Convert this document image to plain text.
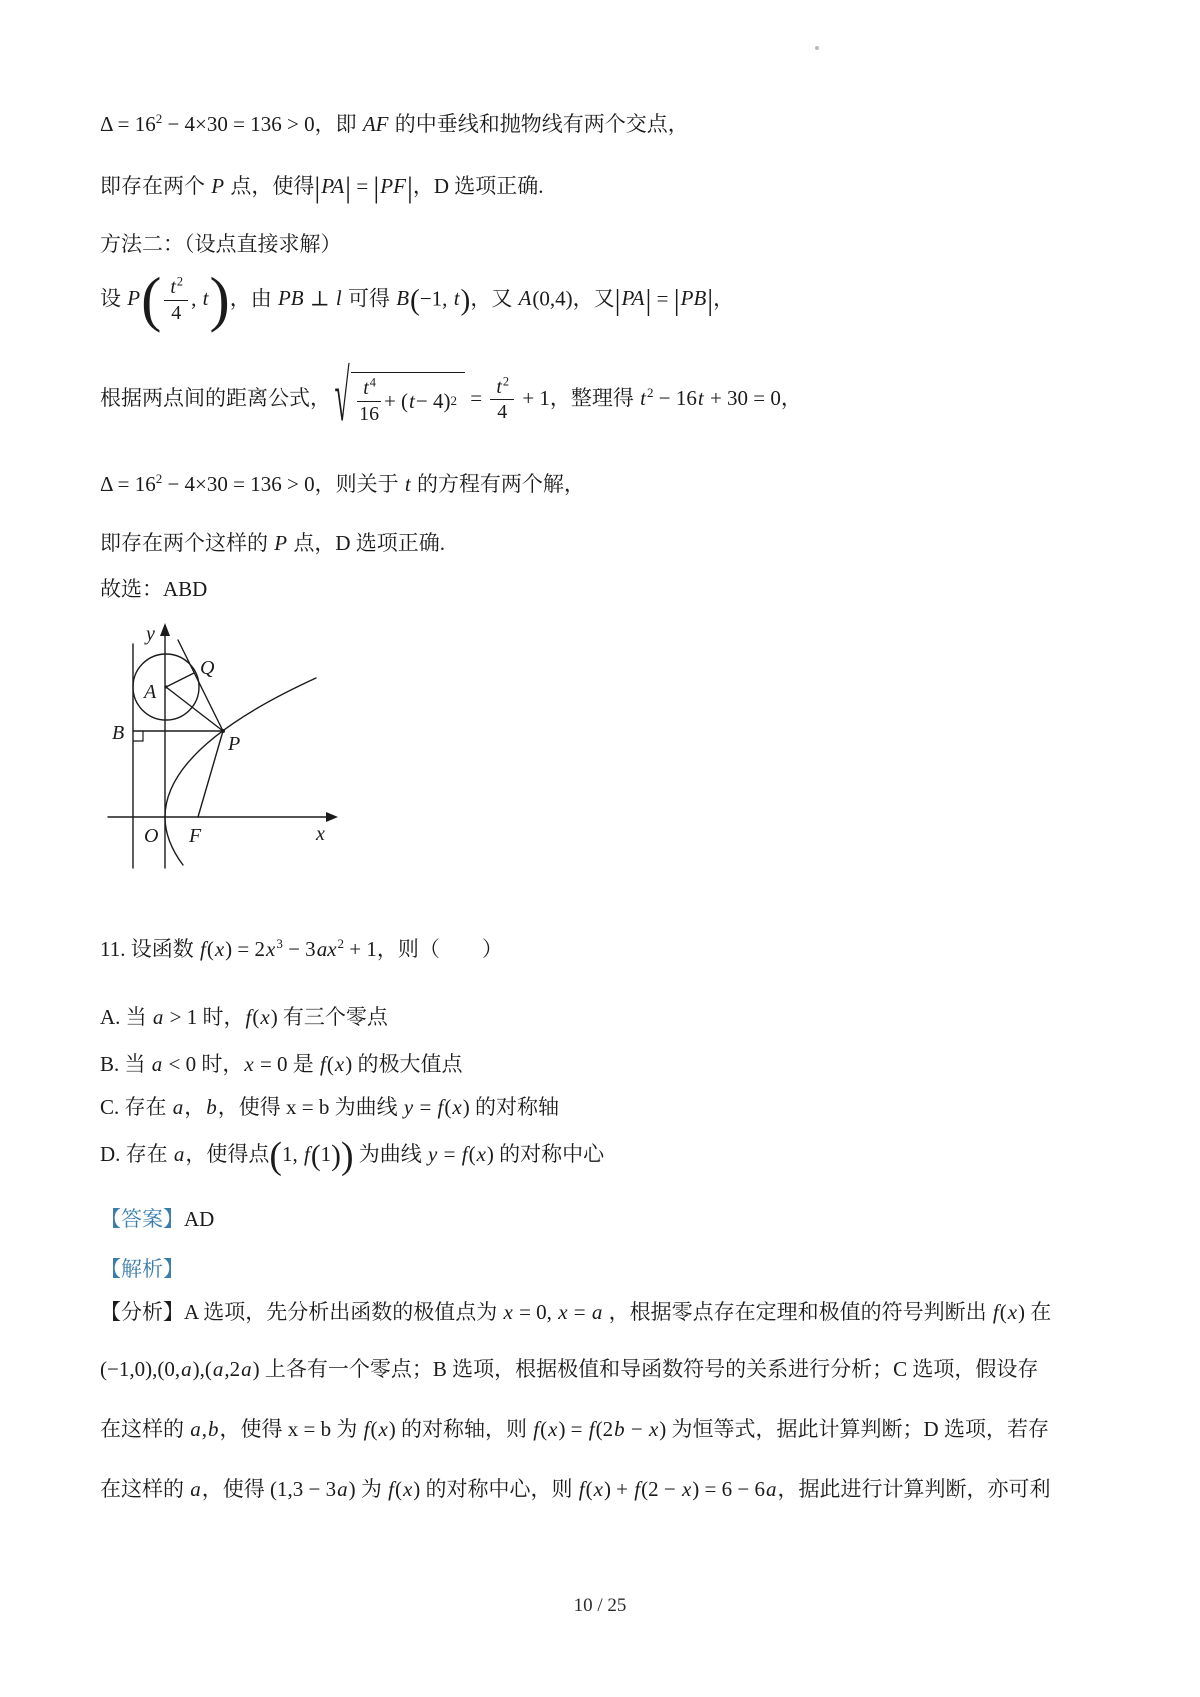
$\Delta = 16^2 - 4\times 30 = 136 > 0$，即 AF 的中垂线和抛物线有两个交点，
即存在两个 P 点，使得|PA| = |PF|，D 选项正确.
方法二：（设点直接求解）
设 $P( \frac{t^2}{4}$ , t)，由 PB ⊥ l 可得 B(−1, t)，又 A(0,4)，又|PA| = |PB|，
根据两点间的距离公式， √ $\frac{t^4}{16}$ + ( t − 4) $2 = \frac{t^2}{4} + 1$，整理得 $t^2 - 16t + 30 = 0$，
$\Delta = 16^2 - 4\times 30 = 136 > 0$，则关于 t 的方程有两个解，
即存在两个这样的 P 点，D 选项正确.
故选：ABD
y
x
A
B
Q
P
O F
11. 设函数 $f(x) = 2x^3 - 3ax^2 + 1$，则（　　）
A. 当 a > 1 时，f(x) 有三个零点
B. 当 a < 0 时，x = 0 是 f(x) 的极大值点
C. 存在 a，b，使得 x = b 为曲线 y = f(x) 的对称轴
D. 存在 a，使得点(1, f(1)) 为曲线 y = f(x) 的对称中心
【答案】AD
【解析】
【分析】A 选项，先分析出函数的极值点为 x = 0, x = a ，根据零点存在定理和极值的符号判断出 f(x) 在
(−1,0),(0,a),(a,2a) 上各有一个零点；B 选项，根据极值和导函数符号的关系进行分析；C 选项，假设存
在这样的 a,b，使得 x = b 为 f(x) 的对称轴，则 f(x) = f(2b − x) 为恒等式，据此计算判断；D 选项，若存
在这样的 a，使得 (1,3 − 3a) 为 f(x) 的对称中心，则 f(x) + f(2 − x) = 6 − 6a，据此进行计算判断，亦可利
10 / 25
